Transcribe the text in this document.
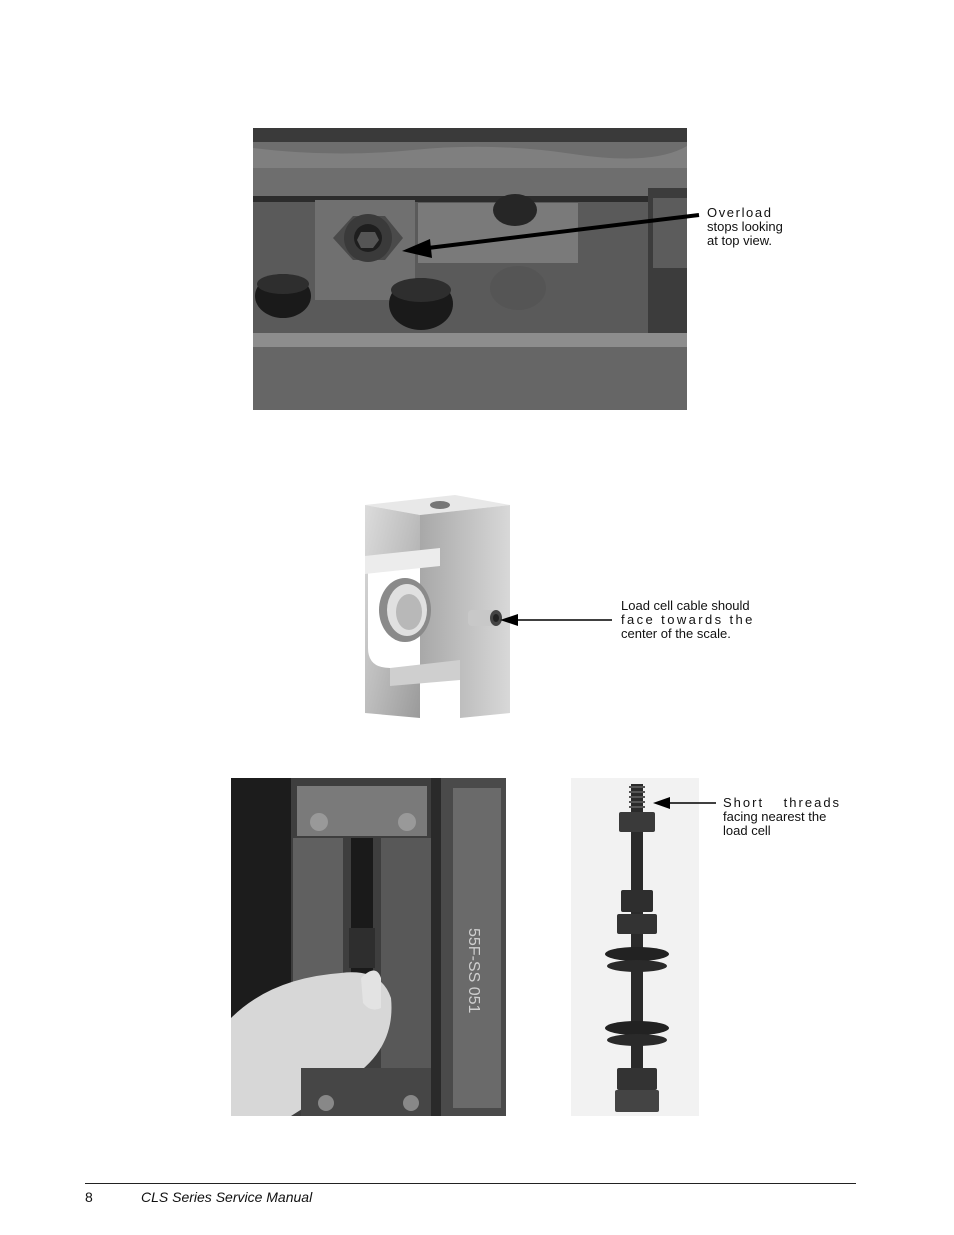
Overload
stops looking
at top view.
Load cell cable should
face towards the
center of the scale.
55F-SS 051
Short threads
facing nearest the
load cell
8	CLS Series Service Manual
